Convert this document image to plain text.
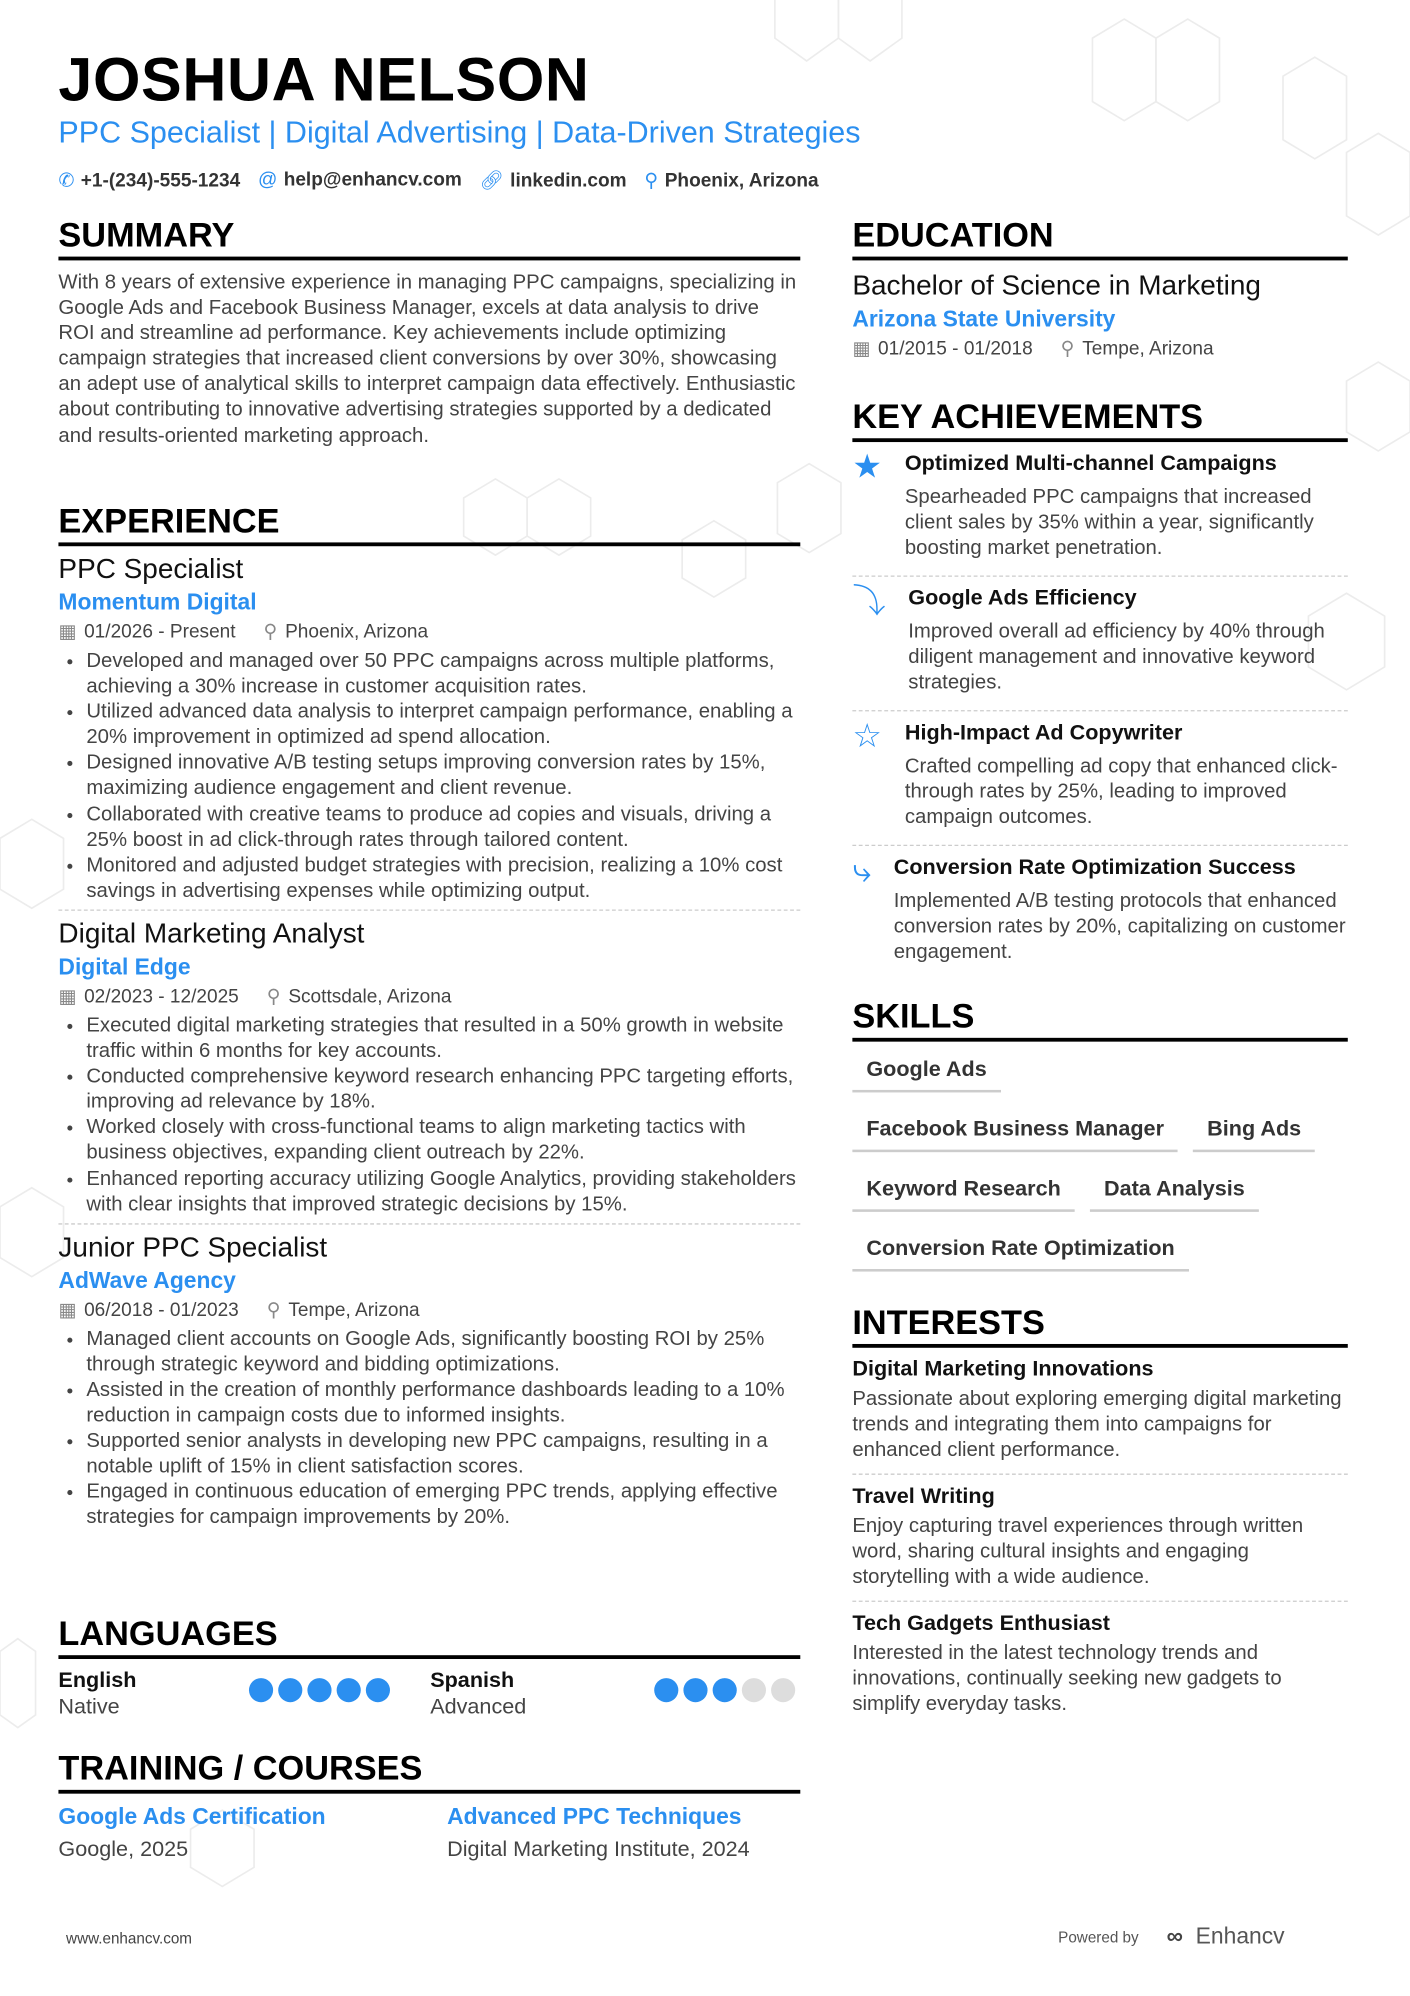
JOSHUA NELSON
PPC Specialist | Digital Advertising | Data-Driven Strategies
✆ +1-(234)-555-1234 @ help@enhancv.com 🔗︎ linkedin.com ⚲ Phoenix, Arizona
SUMMARY
With 8 years of extensive experience in managing PPC campaigns, specializing in Google Ads and Facebook Business Manager, excels at data analysis to drive ROI and streamline ad performance. Key achievements include optimizing campaign strategies that increased client conversions by over 30%, showcasing an adept use of analytical skills to interpret campaign data effectively. Enthusiastic about contributing to innovative advertising strategies supported by a dedicated and results-oriented marketing approach.
EXPERIENCE
PPC Specialist
Momentum Digital
▦ 01/2026 - Present ⚲ Phoenix, Arizona
• Developed and managed over 50 PPC campaigns across multiple platforms, achieving a 30% increase in customer acquisition rates.
• Utilized advanced data analysis to interpret campaign performance, enabling a 20% improvement in optimized ad spend allocation.
• Designed innovative A/B testing setups improving conversion rates by 15%, maximizing audience engagement and client revenue.
• Collaborated with creative teams to produce ad copies and visuals, driving a 25% boost in ad click-through rates through tailored content.
• Monitored and adjusted budget strategies with precision, realizing a 10% cost savings in advertising expenses while optimizing output.
Digital Marketing Analyst
Digital Edge
▦ 02/2023 - 12/2025 ⚲ Scottsdale, Arizona
• Executed digital marketing strategies that resulted in a 50% growth in website traffic within 6 months for key accounts.
• Conducted comprehensive keyword research enhancing PPC targeting efforts, improving ad relevance by 18%.
• Worked closely with cross-functional teams to align marketing tactics with business objectives, expanding client outreach by 22%.
• Enhanced reporting accuracy utilizing Google Analytics, providing stakeholders with clear insights that improved strategic decisions by 15%.
Junior PPC Specialist
AdWave Agency
▦ 06/2018 - 01/2023 ⚲ Tempe, Arizona
• Managed client accounts on Google Ads, significantly boosting ROI by 25% through strategic keyword and bidding optimizations.
• Assisted in the creation of monthly performance dashboards leading to a 10% reduction in campaign costs due to informed insights.
• Supported senior analysts in developing new PPC campaigns, resulting in a notable uplift of 15% in client satisfaction scores.
• Engaged in continuous education of emerging PPC trends, applying effective strategies for campaign improvements by 20%.
LANGUAGES
English
Native
Spanish
Advanced
TRAINING / COURSES
Google Ads Certification
Google, 2025
Advanced PPC Techniques
Digital Marketing Institute, 2024
EDUCATION
Bachelor of Science in Marketing
Arizona State University
▦ 01/2015 - 01/2018 ⚲ Tempe, Arizona
KEY ACHIEVEMENTS
★ Optimized Multi-channel Campaigns
Spearheaded PPC campaigns that increased client sales by 35% within a year, significantly boosting market penetration.
⤵ Google Ads Efficiency
Improved overall ad efficiency by 40% through diligent management and innovative keyword strategies.
☆ High-Impact Ad Copywriter
Crafted compelling ad copy that enhanced click-through rates by 25%, leading to improved campaign outcomes.
⤷ Conversion Rate Optimization Success
Implemented A/B testing protocols that enhanced conversion rates by 20%, capitalizing on customer engagement.
SKILLS
Google Ads
Facebook Business Manager	Bing Ads
Keyword Research	Data Analysis
Conversion Rate Optimization
INTERESTS
Digital Marketing Innovations
Passionate about exploring emerging digital marketing trends and integrating them into campaigns for enhanced client performance.
Travel Writing
Enjoy capturing travel experiences through written word, sharing cultural insights and engaging storytelling with a wide audience.
Tech Gadgets Enthusiast
Interested in the latest technology trends and innovations, continually seeking new gadgets to simplify everyday tasks.
www.enhancv.com	Powered by ∞ Enhancv
